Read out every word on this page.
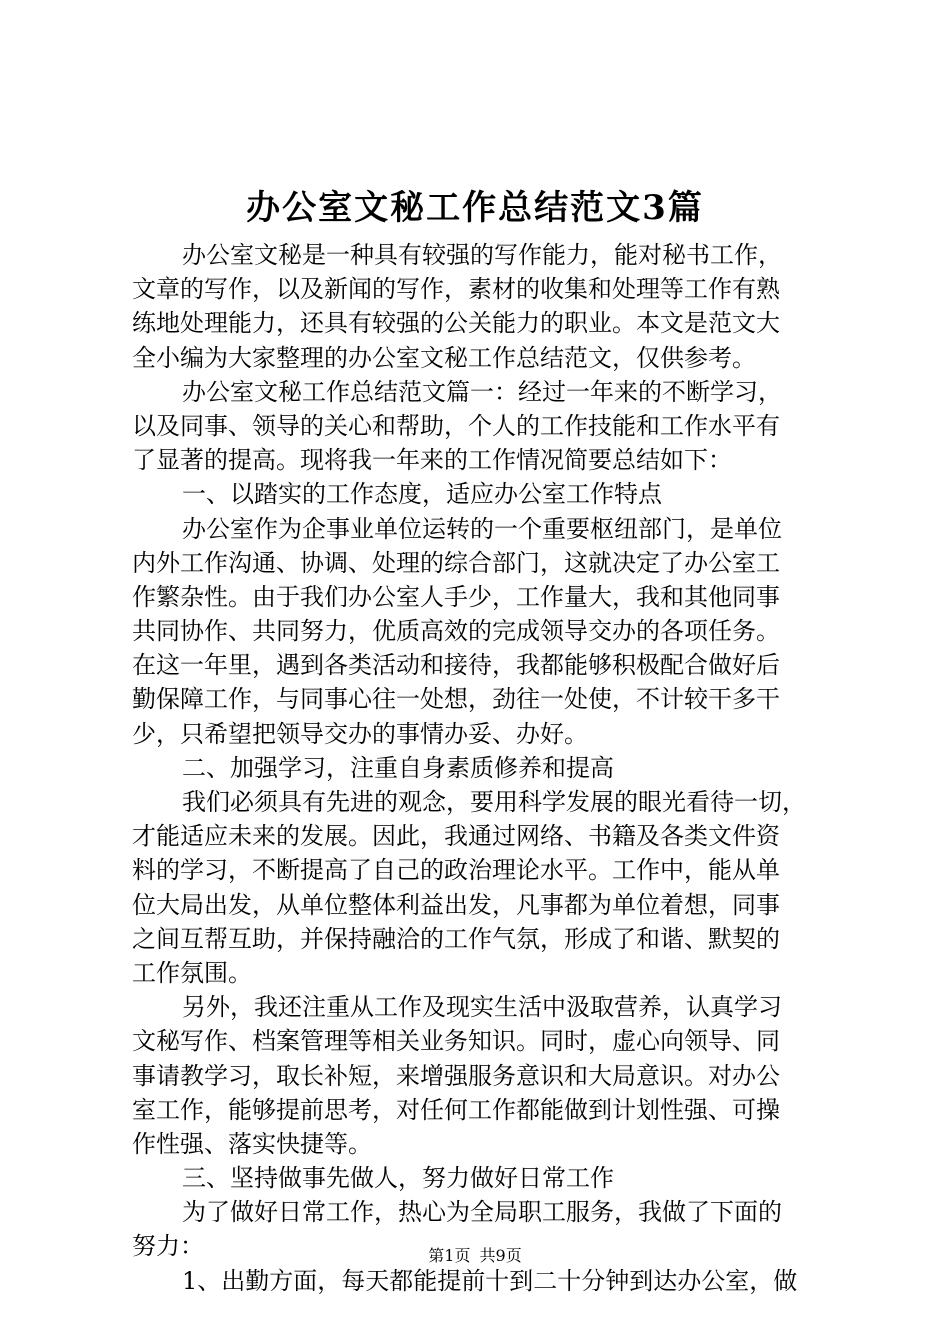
办公室文秘工作总结范文3篇
办公室文秘是一种具有较强的写作能力，能对秘书工作，
文章的写作，以及新闻的写作，素材的收集和处理等工作有熟
练地处理能力，还具有较强的公关能力的职业。本文是范文大
全小编为大家整理的办公室文秘工作总结范文，仅供参考。
办公室文秘工作总结范文篇一：经过一年来的不断学习，
以及同事、领导的关心和帮助，个人的工作技能和工作水平有
了显著的提高。现将我一年来的工作情况简要总结如下：
一、以踏实的工作态度，适应办公室工作特点
办公室作为企事业单位运转的一个重要枢纽部门，是单位
内外工作沟通、协调、处理的综合部门，这就决定了办公室工
作繁杂性。由于我们办公室人手少，工作量大，我和其他同事
共同协作、共同努力，优质高效的完成领导交办的各项任务。
在这一年里，遇到各类活动和接待，我都能够积极配合做好后
勤保障工作，与同事心往一处想，劲往一处使，不计较干多干
少，只希望把领导交办的事情办妥、办好。
二、加强学习，注重自身素质修养和提高
我们必须具有先进的观念，要用科学发展的眼光看待一切，
才能适应未来的发展。因此，我通过网络、书籍及各类文件资
料的学习，不断提高了自己的政治理论水平。工作中，能从单
位大局出发，从单位整体利益出发，凡事都为单位着想，同事
之间互帮互助，并保持融洽的工作气氛，形成了和谐、默契的
工作氛围。
另外，我还注重从工作及现实生活中汲取营养，认真学习
文秘写作、档案管理等相关业务知识。同时，虚心向领导、同
事请教学习，取长补短，来增强服务意识和大局意识。对办公
室工作，能够提前思考，对任何工作都能做到计划性强、可操
作性强、落实快捷等。
三、坚持做事先做人，努力做好日常工作
为了做好日常工作，热心为全局职工服务，我做了下面的
努力：
1、出勤方面，每天都能提前十到二十分钟到达办公室，做
第1页 共9页
